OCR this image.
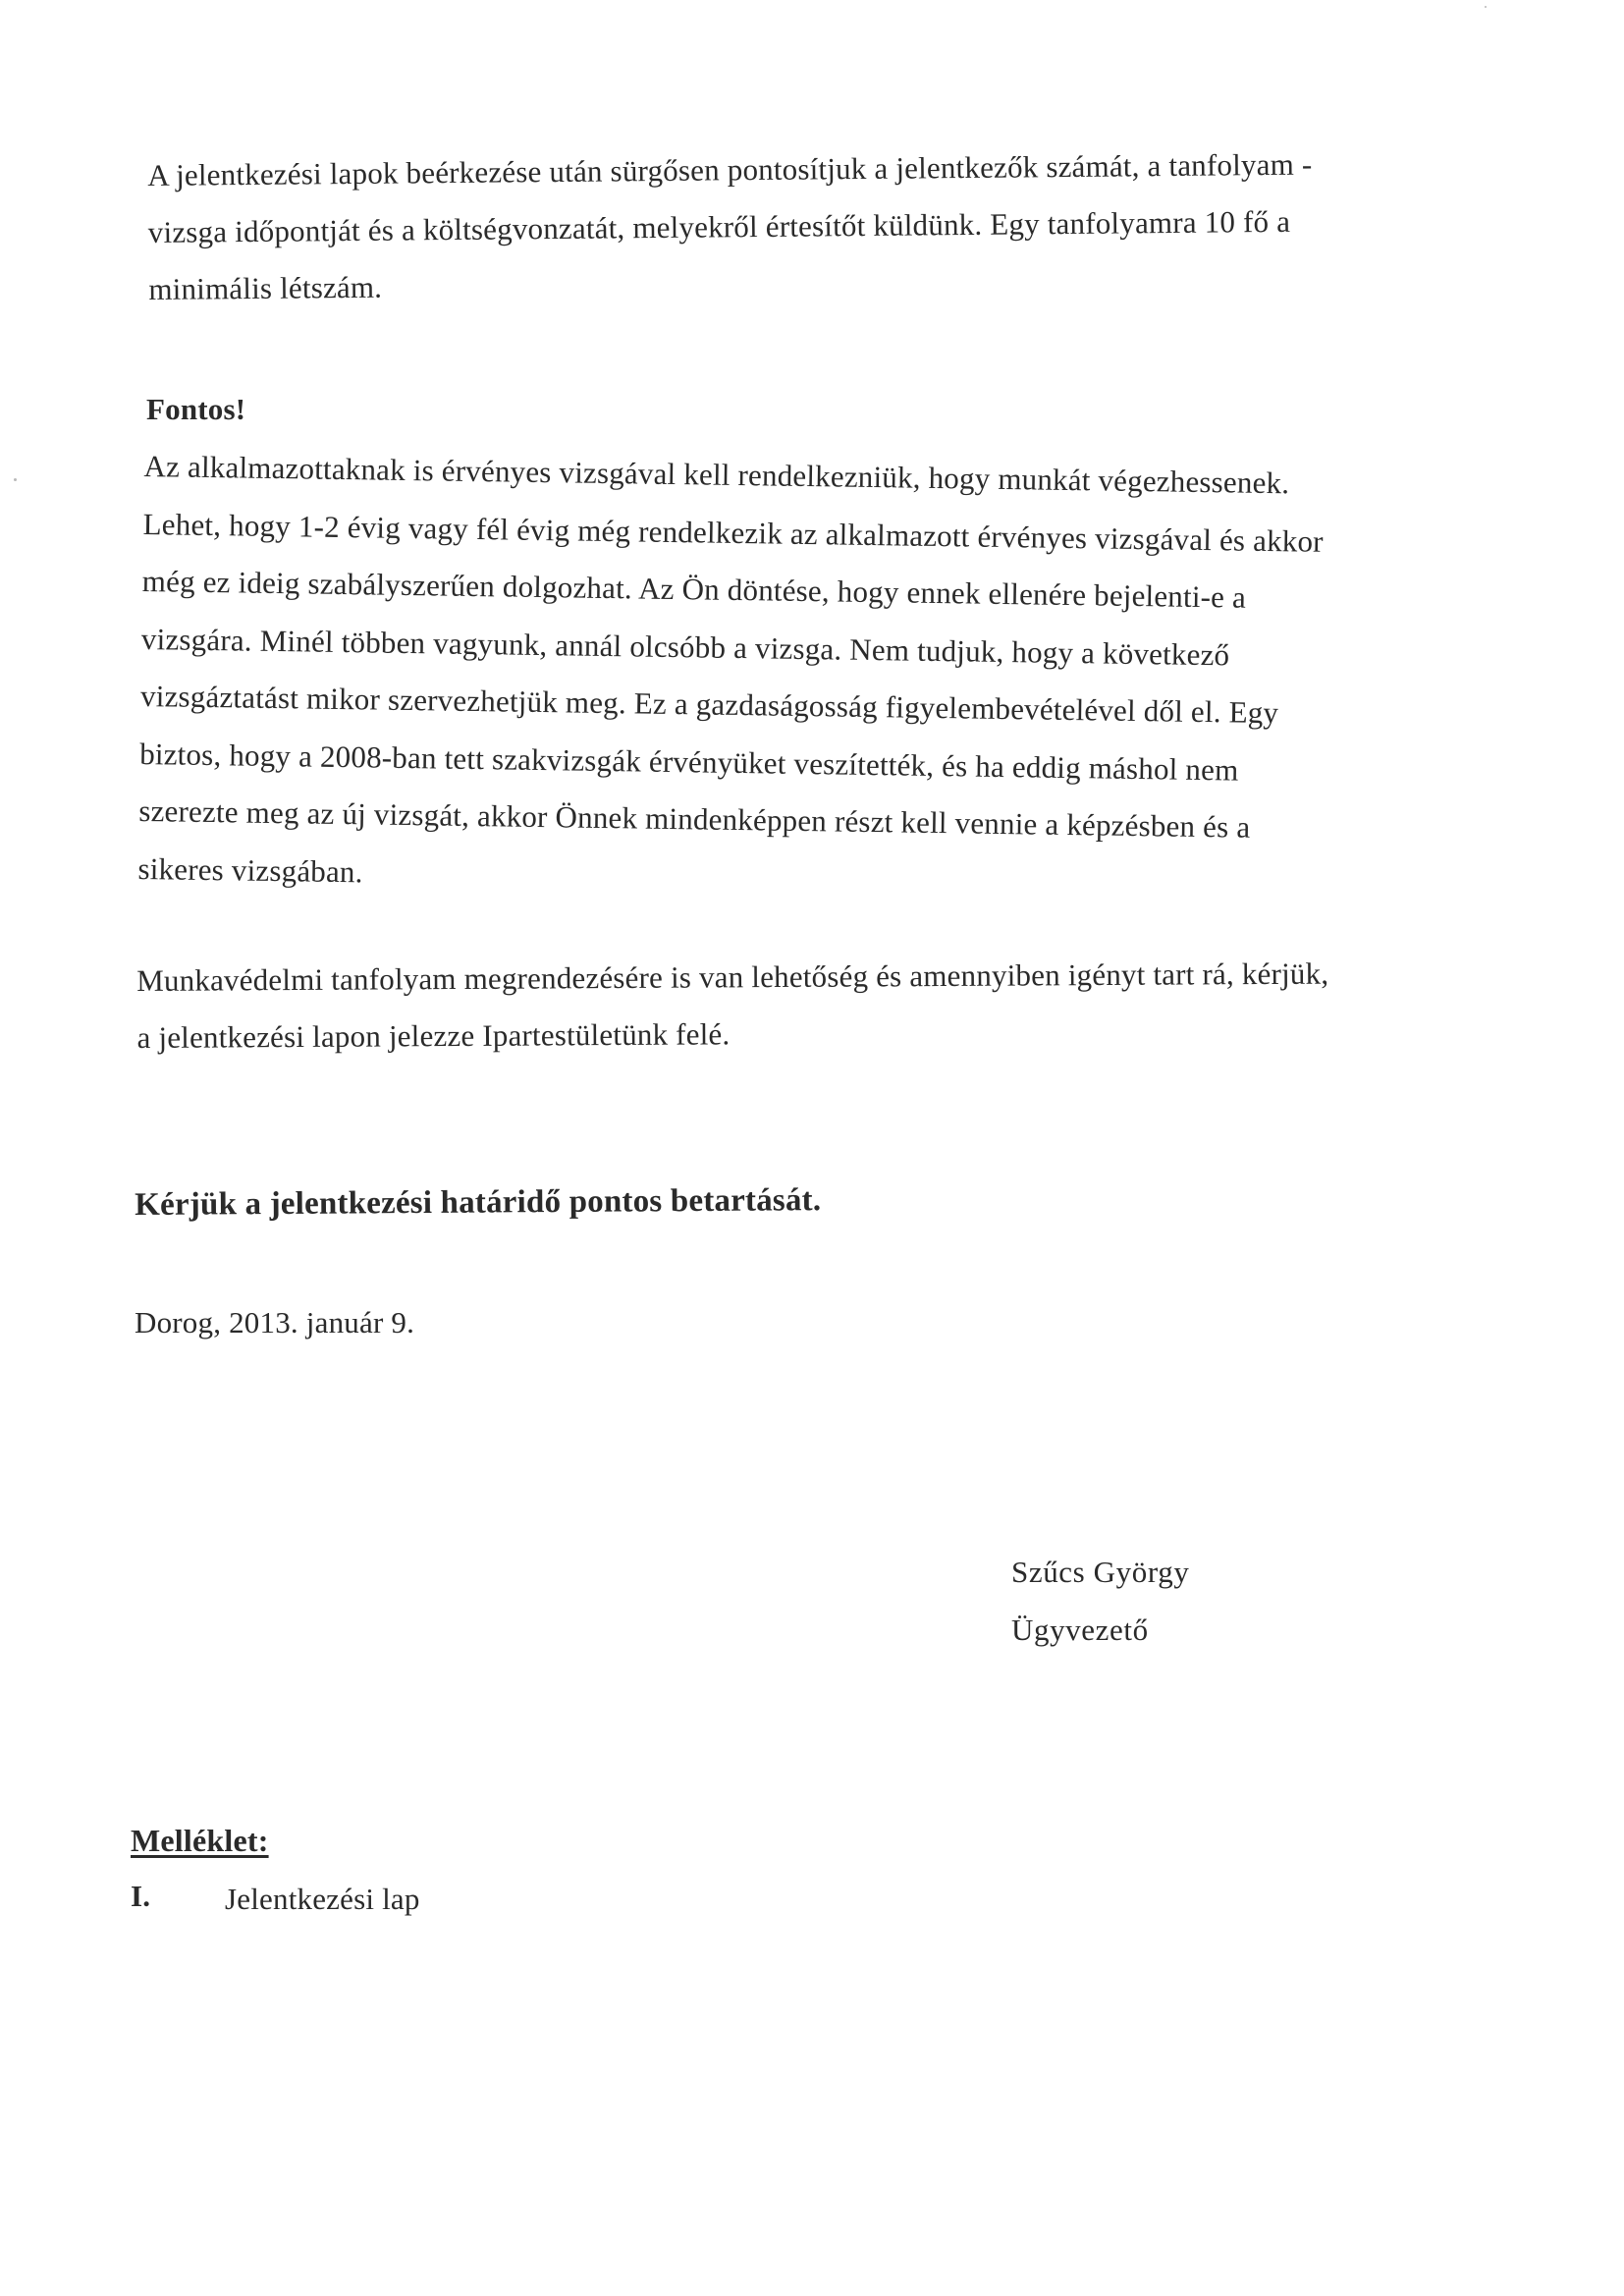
A jelentkezési lapok beérkezése után sürgősen pontosítjuk a jelentkezők számát, a tanfolyam -
vizsga időpontját és a költségvonzatát, melyekről értesítőt küldünk. Egy tanfolyamra 10 fő a
minimális létszám.
Fontos!
Az alkalmazottaknak is érvényes vizsgával kell rendelkezniük, hogy munkát végezhessenek.
Lehet, hogy 1-2 évig vagy fél évig még rendelkezik az alkalmazott érvényes vizsgával és akkor
még ez ideig szabályszerűen dolgozhat. Az Ön döntése, hogy ennek ellenére bejelenti-e a
vizsgára. Minél többen vagyunk, annál olcsóbb a vizsga. Nem tudjuk, hogy a következő
vizsgáztatást mikor szervezhetjük meg. Ez a gazdaságosság figyelembevételével dől el. Egy
biztos, hogy a 2008-ban tett szakvizsgák érvényüket veszítették, és ha eddig máshol nem
szerezte meg az új vizsgát, akkor Önnek mindenképpen részt kell vennie a képzésben és a
sikeres vizsgában.
Munkavédelmi tanfolyam megrendezésére is van lehetőség és amennyiben igényt tart rá, kérjük,
a jelentkezési lapon jelezze Ipartestületünk felé.
Kérjük a jelentkezési határidő pontos betartását.
Dorog, 2013. január 9.
Szűcs György
Ügyvezető
Melléklet:
I. Jelentkezési lap
